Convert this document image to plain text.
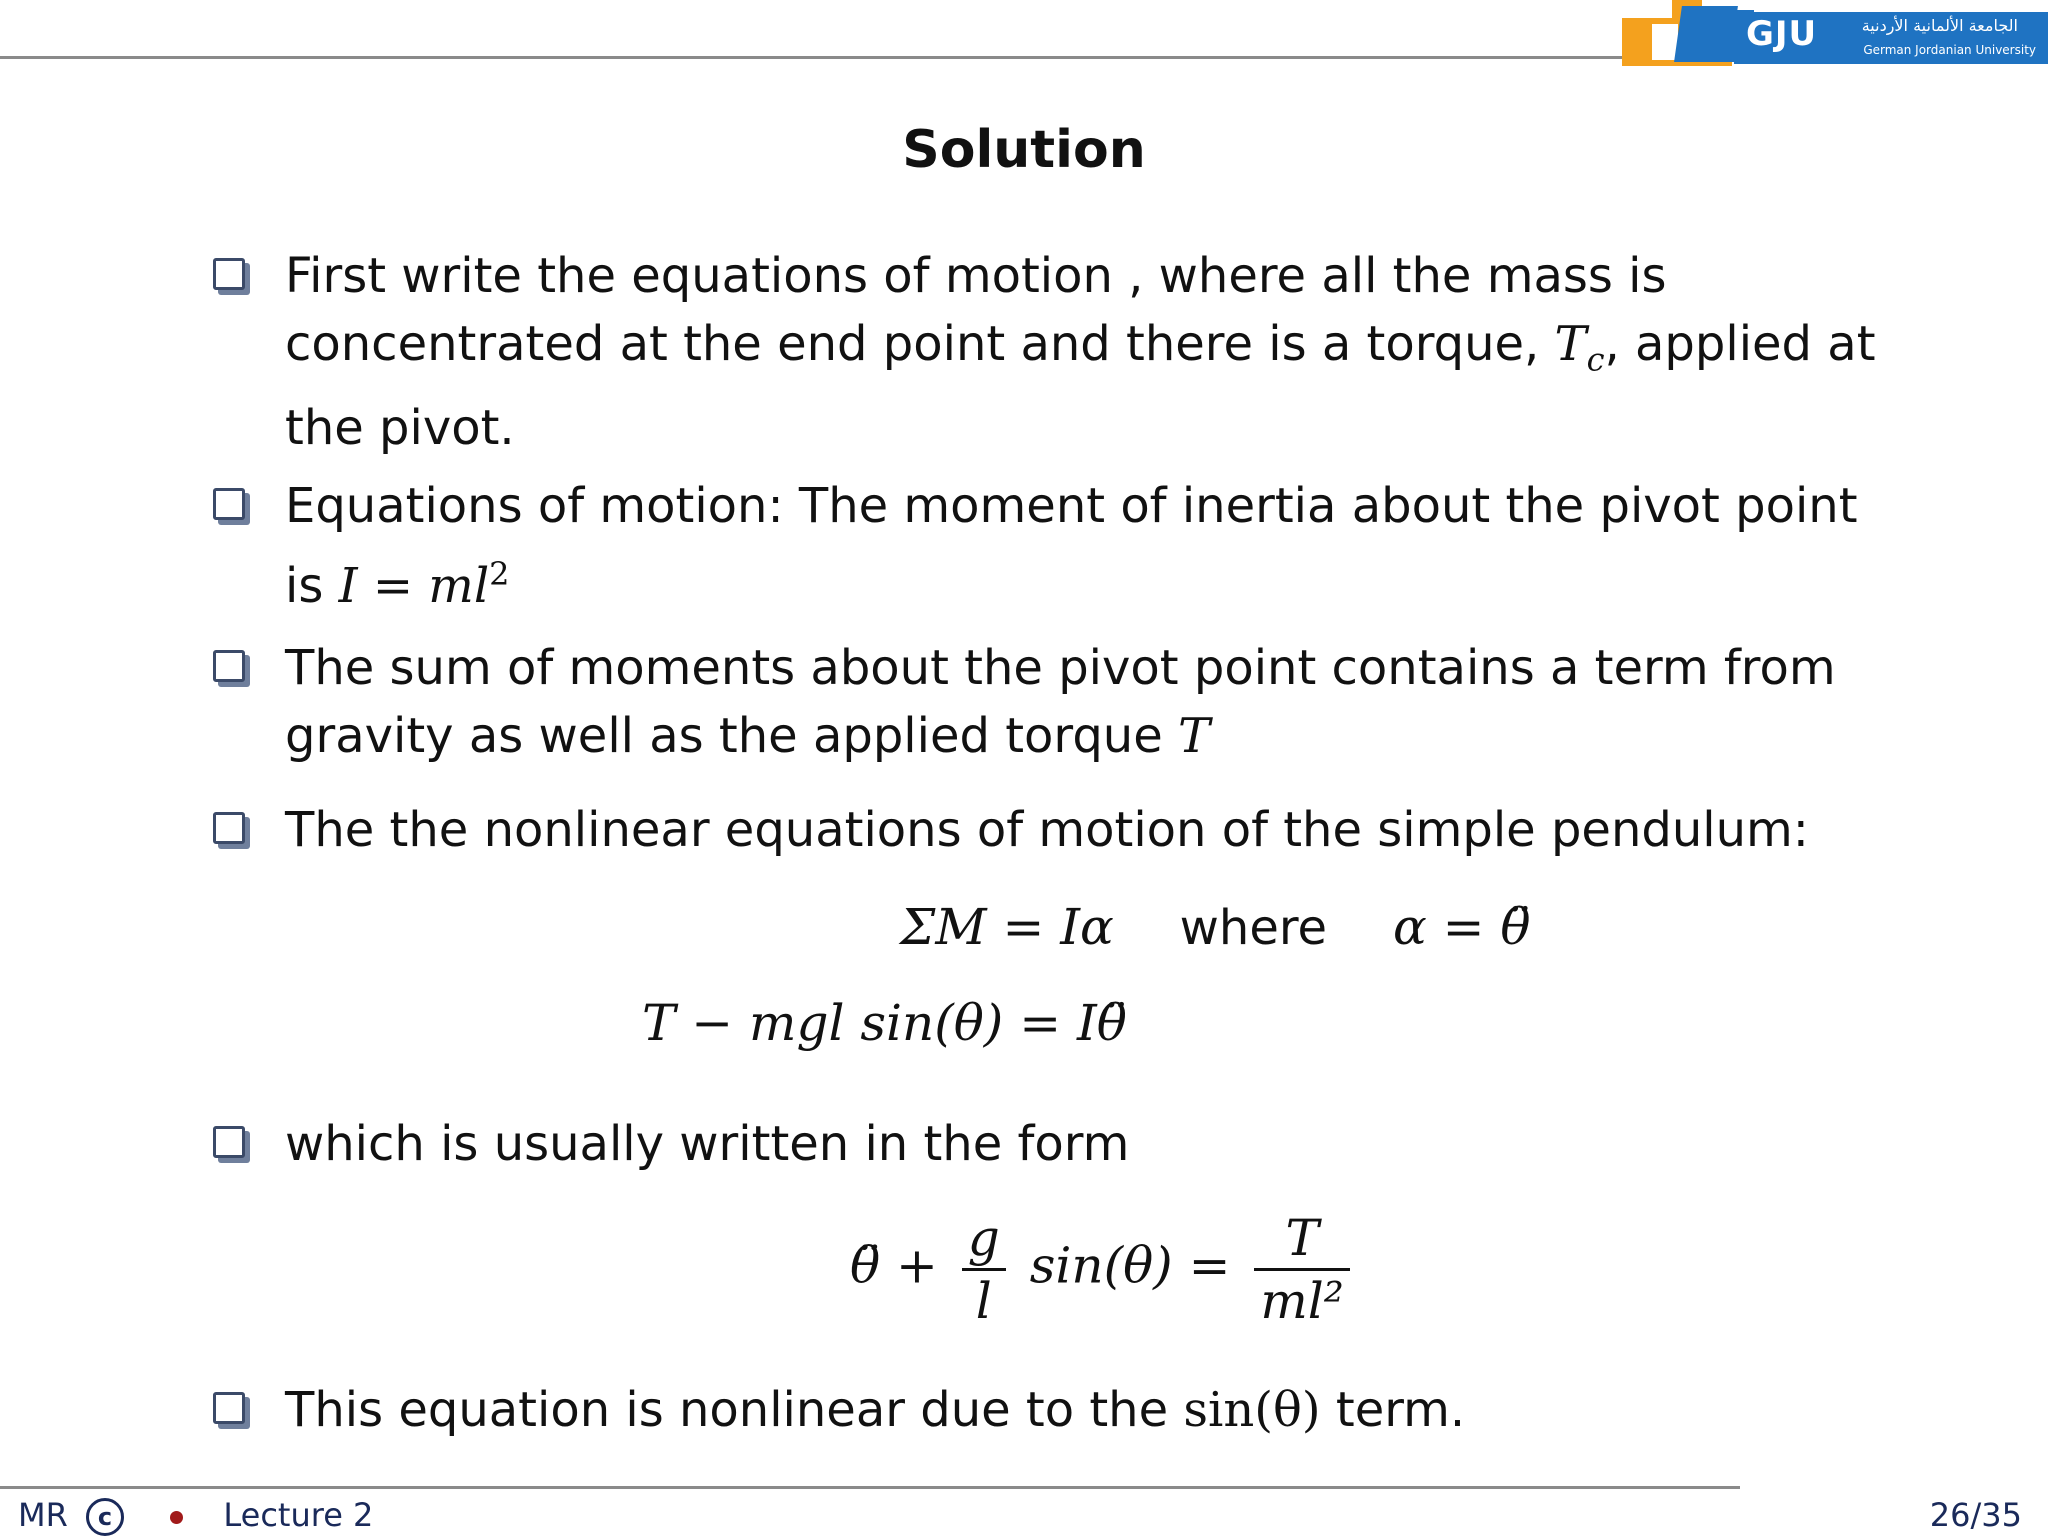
GJU	الجامعة الألمانية الأردنية
German Jordanian University
Solution
First write the equations of motion , where all the mass is concentrated at the end point and there is a torque, $T_c$, applied at the pivot.
Equations of motion: The moment of inertia about the pivot point is $I = ml^2$
The sum of moments about the pivot point contains a term from gravity as well as the applied torque T
The the nonlinear equations of motion of the simple pendulum:
ΣM = Iα where α = θ̈
T − mgl sin(θ) = Iθ̈
which is usually written in the form
θ̈ + $\frac{g}{l} \sin(\theta) = \frac{T}{\text{ml²}}$
This equation is nonlinear due to the sin(θ) term.
MR c	Lecture 2	26/35
